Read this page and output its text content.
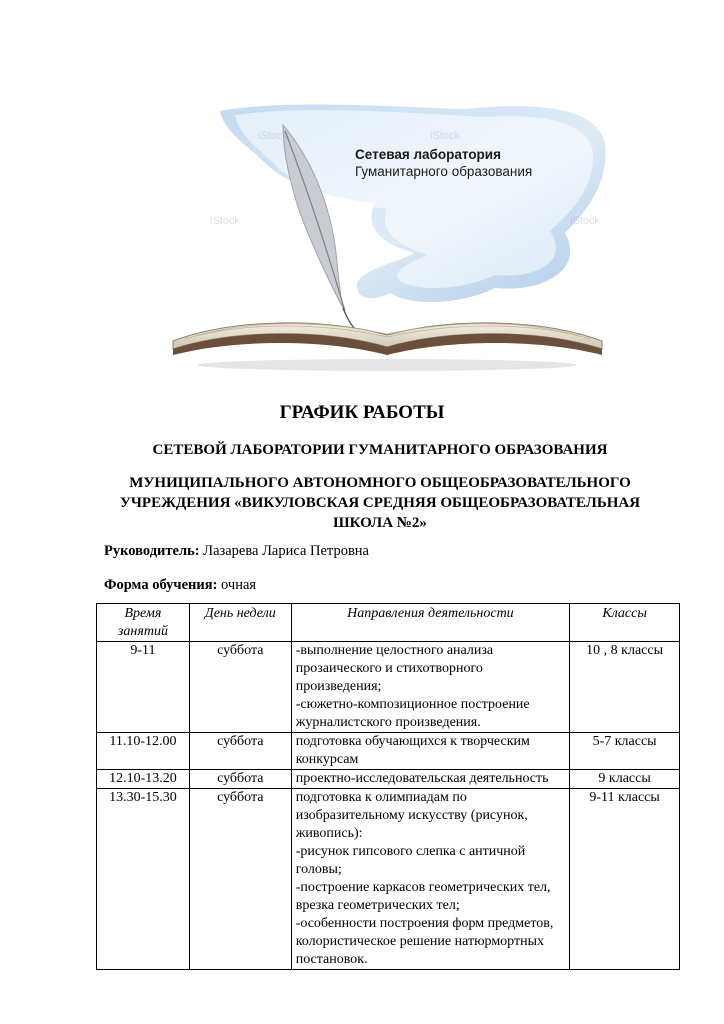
iStock	iStock
iStock	iStock
Сетевая лаборатория
Гуманитарного образования
ГРАФИК РАБОТЫ
СЕТЕВОЙ ЛАБОРАТОРИИ ГУМАНИТАРНОГО ОБРАЗОВАНИЯ
МУНИЦИПАЛЬНОГО АВТОНОМНОГО ОБЩЕОБРАЗОВАТЕЛЬНОГО
УЧРЕЖДЕНИЯ «ВИКУЛОВСКАЯ СРЕДНЯЯ ОБЩЕОБРАЗОВАТЕЛЬНАЯ
ШКОЛА №2»
Руководитель: Лазарева Лариса Петровна
Форма обучения: очная
Время занятий	День недели	Направления деятельности	Классы
9-11	суббота	-выполнение целостного анализа прозаического и стихотворного произведения;
-сюжетно-композиционное построение журналистского произведения.	10 , 8 классы
11.10-12.00	суббота	подготовка обучающихся к творческим конкурсам	5-7 классы
12.10-13.20	суббота	проектно-исследовательская деятельность	9 классы
13.30-15.30	суббота	подготовка к олимпиадам по изобразительному искусству (рисунок, живопись):
-рисунок гипсового слепка с античной головы;
-построение каркасов геометрических тел, врезка геометрических тел;
-особенности построения форм предметов, колористическое решение натюрмортных постановок.	9-11 классы
